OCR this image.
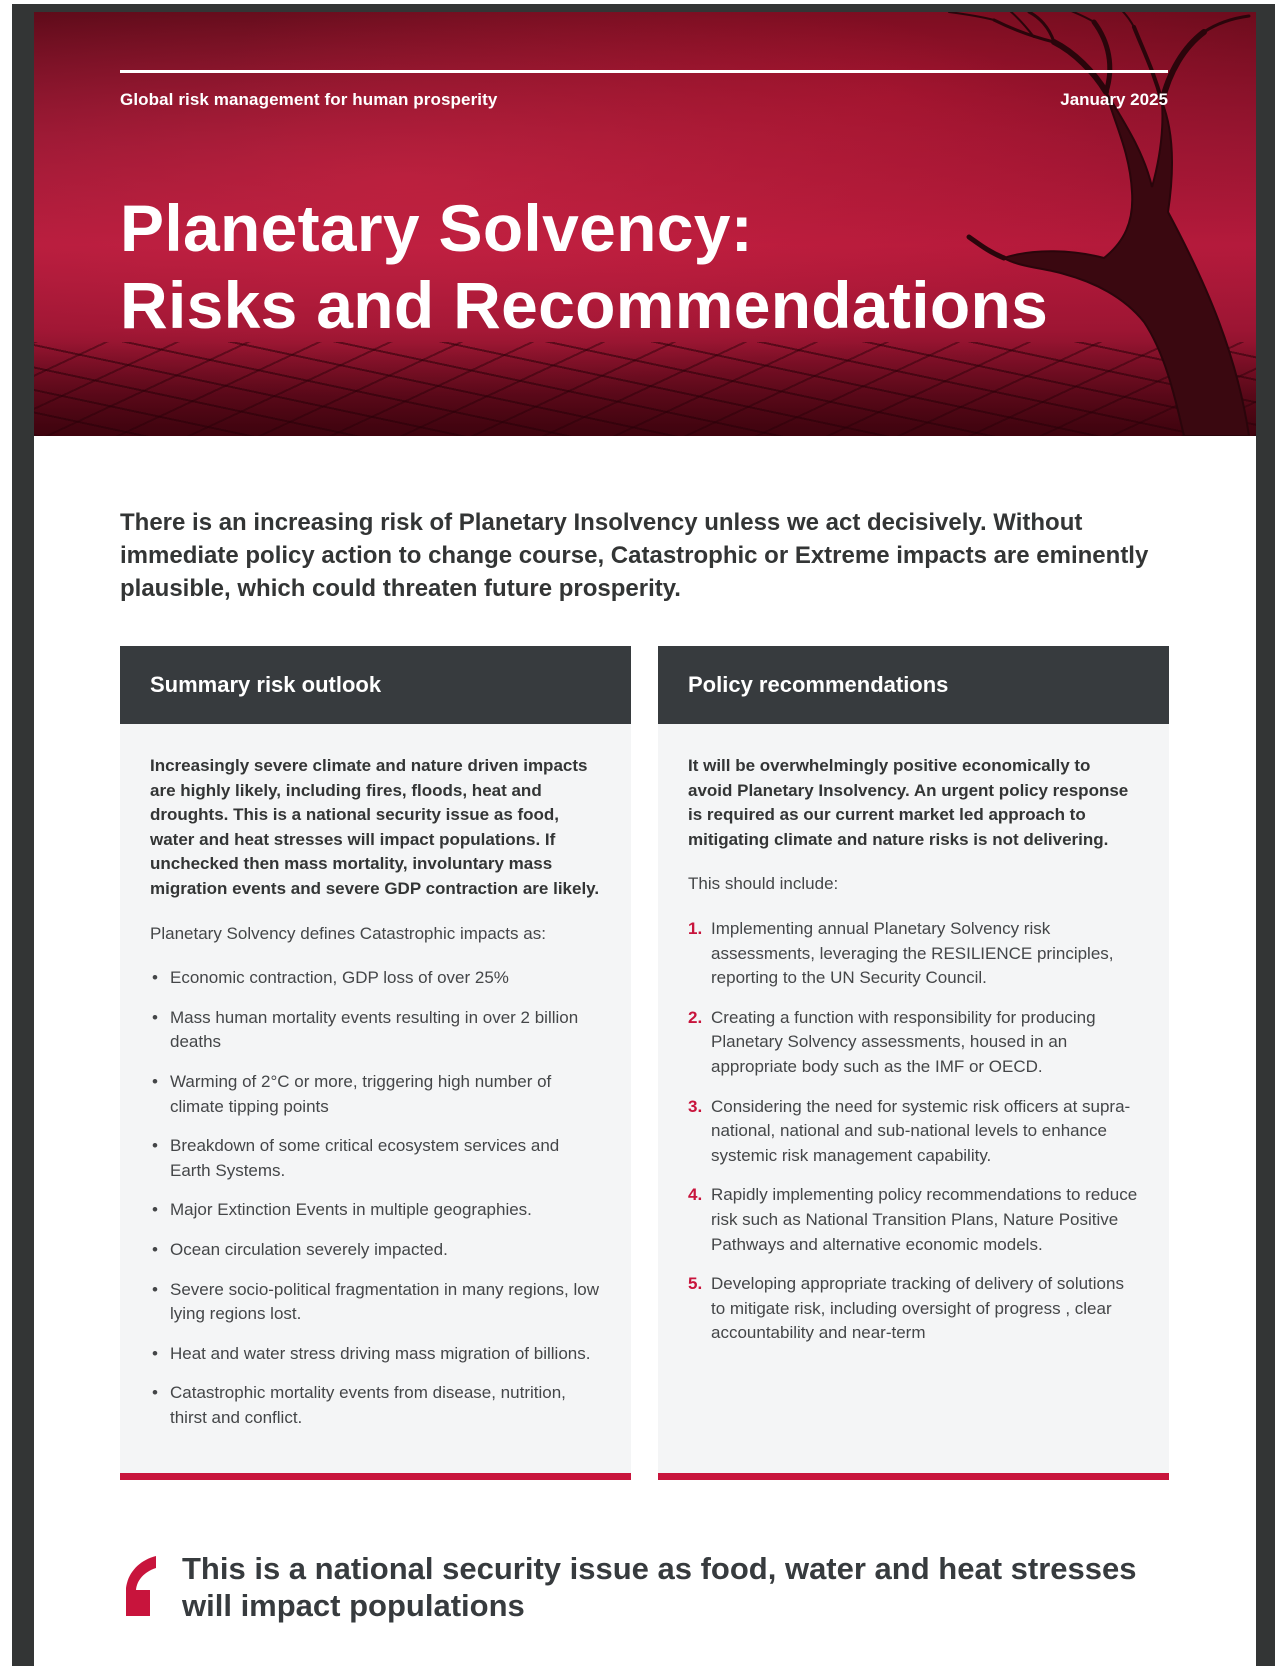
Global risk management for human prosperity	January 2025
Planetary Solvency:
Risks and Recommendations

There is an increasing risk of Planetary Insolvency unless we act decisively. Without immediate policy action to change course, Catastrophic or Extreme impacts are eminently plausible, which could threaten future prosperity.

Summary risk outlook

Increasingly severe climate and nature driven impacts are highly likely, including fires, floods, heat and droughts. This is a national security issue as food, water and heat stresses will impact populations. If unchecked then mass mortality, involuntary mass migration events and severe GDP contraction are likely.

Planetary Solvency defines Catastrophic impacts as:

• Economic contraction, GDP loss of over 25%
• Mass human mortality events resulting in over 2 billion deaths
• Warming of 2°C or more, triggering high number of climate tipping points
• Breakdown of some critical ecosystem services and Earth Systems.
• Major Extinction Events in multiple geographies.
• Ocean circulation severely impacted.
• Severe socio-political fragmentation in many regions, low lying regions lost.
• Heat and water stress driving mass migration of billions.
• Catastrophic mortality events from disease, nutrition, thirst and conflict.
Policy recommendations

It will be overwhelmingly positive economically to avoid Planetary Insolvency. An urgent policy response is required as our current market led approach to mitigating climate and nature risks is not delivering.

This should include:

1. Implementing annual Planetary Solvency risk assessments, leveraging the RESILIENCE principles, reporting to the UN Security Council.
2. Creating a function with responsibility for producing Planetary Solvency assessments, housed in an appropriate body such as the IMF or OECD.
3. Considering the need for systemic risk officers at supra-national, national and sub-national levels to enhance systemic risk management capability.
4. Rapidly implementing policy recommendations to reduce risk such as National Transition Plans, Nature Positive Pathways and alternative economic models.
5. Developing appropriate tracking of delivery of solutions to mitigate risk, including oversight of progress , clear accountability and near-term
This is a national security issue as food, water and heat stresses
will impact populations
